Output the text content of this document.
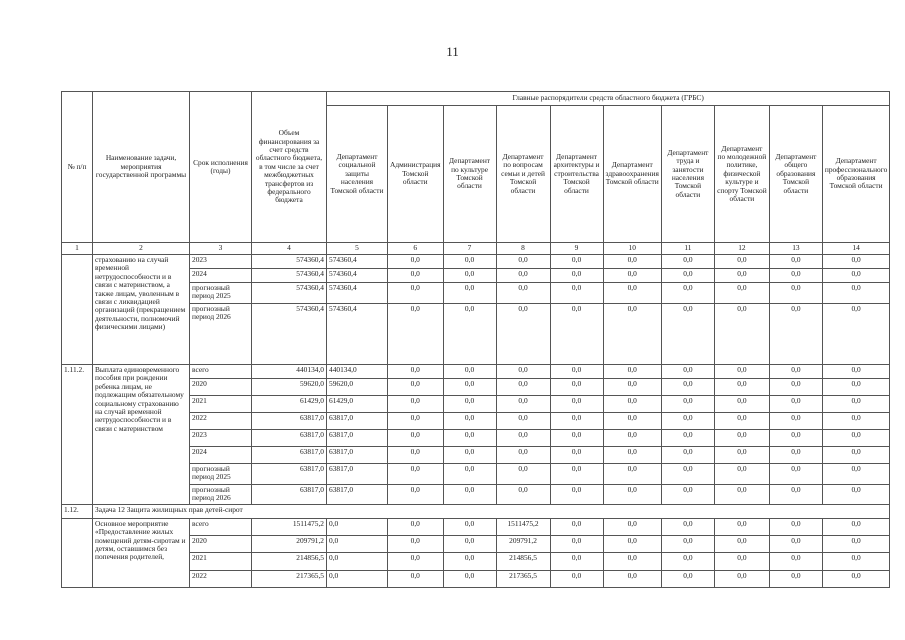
11
№ п/п	Наименование задачи, мероприятия государственной программы	Срок исполнения (годы)	Объем финансирования за счет средств областного бюджета, в том числе за счет межбюджетных трансфертов из федерального бюджета	Главные распорядители средств областного бюджета (ГРБС)									
				Департамент социальной защиты населения Томской области	Администрация Томской области	Департамент по культуре Томской области	Департамент по вопросам семьи и детей Томской области	Департамент архитектуры и строительства Томской области	Департамент здравоохранения Томской области	Департамент труда и занятости населения Томской области	Департамент по молодежной политике, физической культуре и спорту Томской области	Департамент общего образования Томской области	Департамент профессионального образования Томской области
1	2	3	4	5	6	7	8	9	10	11	12	13	14
	страхованию на случай временной нетрудоспособности и в связи с материнством, а также лицам, уволенным в связи с ликвидацией организаций (прекращением деятельности, полномочий физическими лицами)	2023	574360,4	574360,4	0,0	0,0	0,0	0,0	0,0	0,0	0,0	0,0	0,0
		2024	574360,4	574360,4	0,0	0,0	0,0	0,0	0,0	0,0	0,0	0,0	0,0
		прогнозный период 2025	574360,4	574360,4	0,0	0,0	0,0	0,0	0,0	0,0	0,0	0,0	0,0
		прогнозный период 2026	574360,4	574360,4	0,0	0,0	0,0	0,0	0,0	0,0	0,0	0,0	0,0
1.11.2.	Выплата единовременного пособия при рождении ребенка лицам, не подлежащим обязательному социальному страхованию на случай временной нетрудоспособности и в связи с материнством	всего	440134,0	440134,0	0,0	0,0	0,0	0,0	0,0	0,0	0,0	0,0	0,0
		2020	59620,0	59620,0	0,0	0,0	0,0	0,0	0,0	0,0	0,0	0,0	0,0
		2021	61429,0	61429,0	0,0	0,0	0,0	0,0	0,0	0,0	0,0	0,0	0,0
		2022	63817,0	63817,0	0,0	0,0	0,0	0,0	0,0	0,0	0,0	0,0	0,0
		2023	63817,0	63817,0	0,0	0,0	0,0	0,0	0,0	0,0	0,0	0,0	0,0
		2024	63817,0	63817,0	0,0	0,0	0,0	0,0	0,0	0,0	0,0	0,0	0,0
		прогнозный период 2025	63817,0	63817,0	0,0	0,0	0,0	0,0	0,0	0,0	0,0	0,0	0,0
		прогнозный период 2026	63817,0	63817,0	0,0	0,0	0,0	0,0	0,0	0,0	0,0	0,0	0,0
1.12.	Задача 12 Защита жилищных прав детей-сирот												
	Основное мероприятие «Предоставление жилых помещений детям-сиротам и детям, оставшимся без попечения родителей,	всего	1511475,2	0,0	0,0	0,0	1511475,2	0,0	0,0	0,0	0,0	0,0	0,0
		2020	209791,2	0,0	0,0	0,0	209791,2	0,0	0,0	0,0	0,0	0,0	0,0
		2021	214856,5	0,0	0,0	0,0	214856,5	0,0	0,0	0,0	0,0	0,0	0,0
		2022	217365,5	0,0	0,0	0,0	217365,5	0,0	0,0	0,0	0,0	0,0	0,0
